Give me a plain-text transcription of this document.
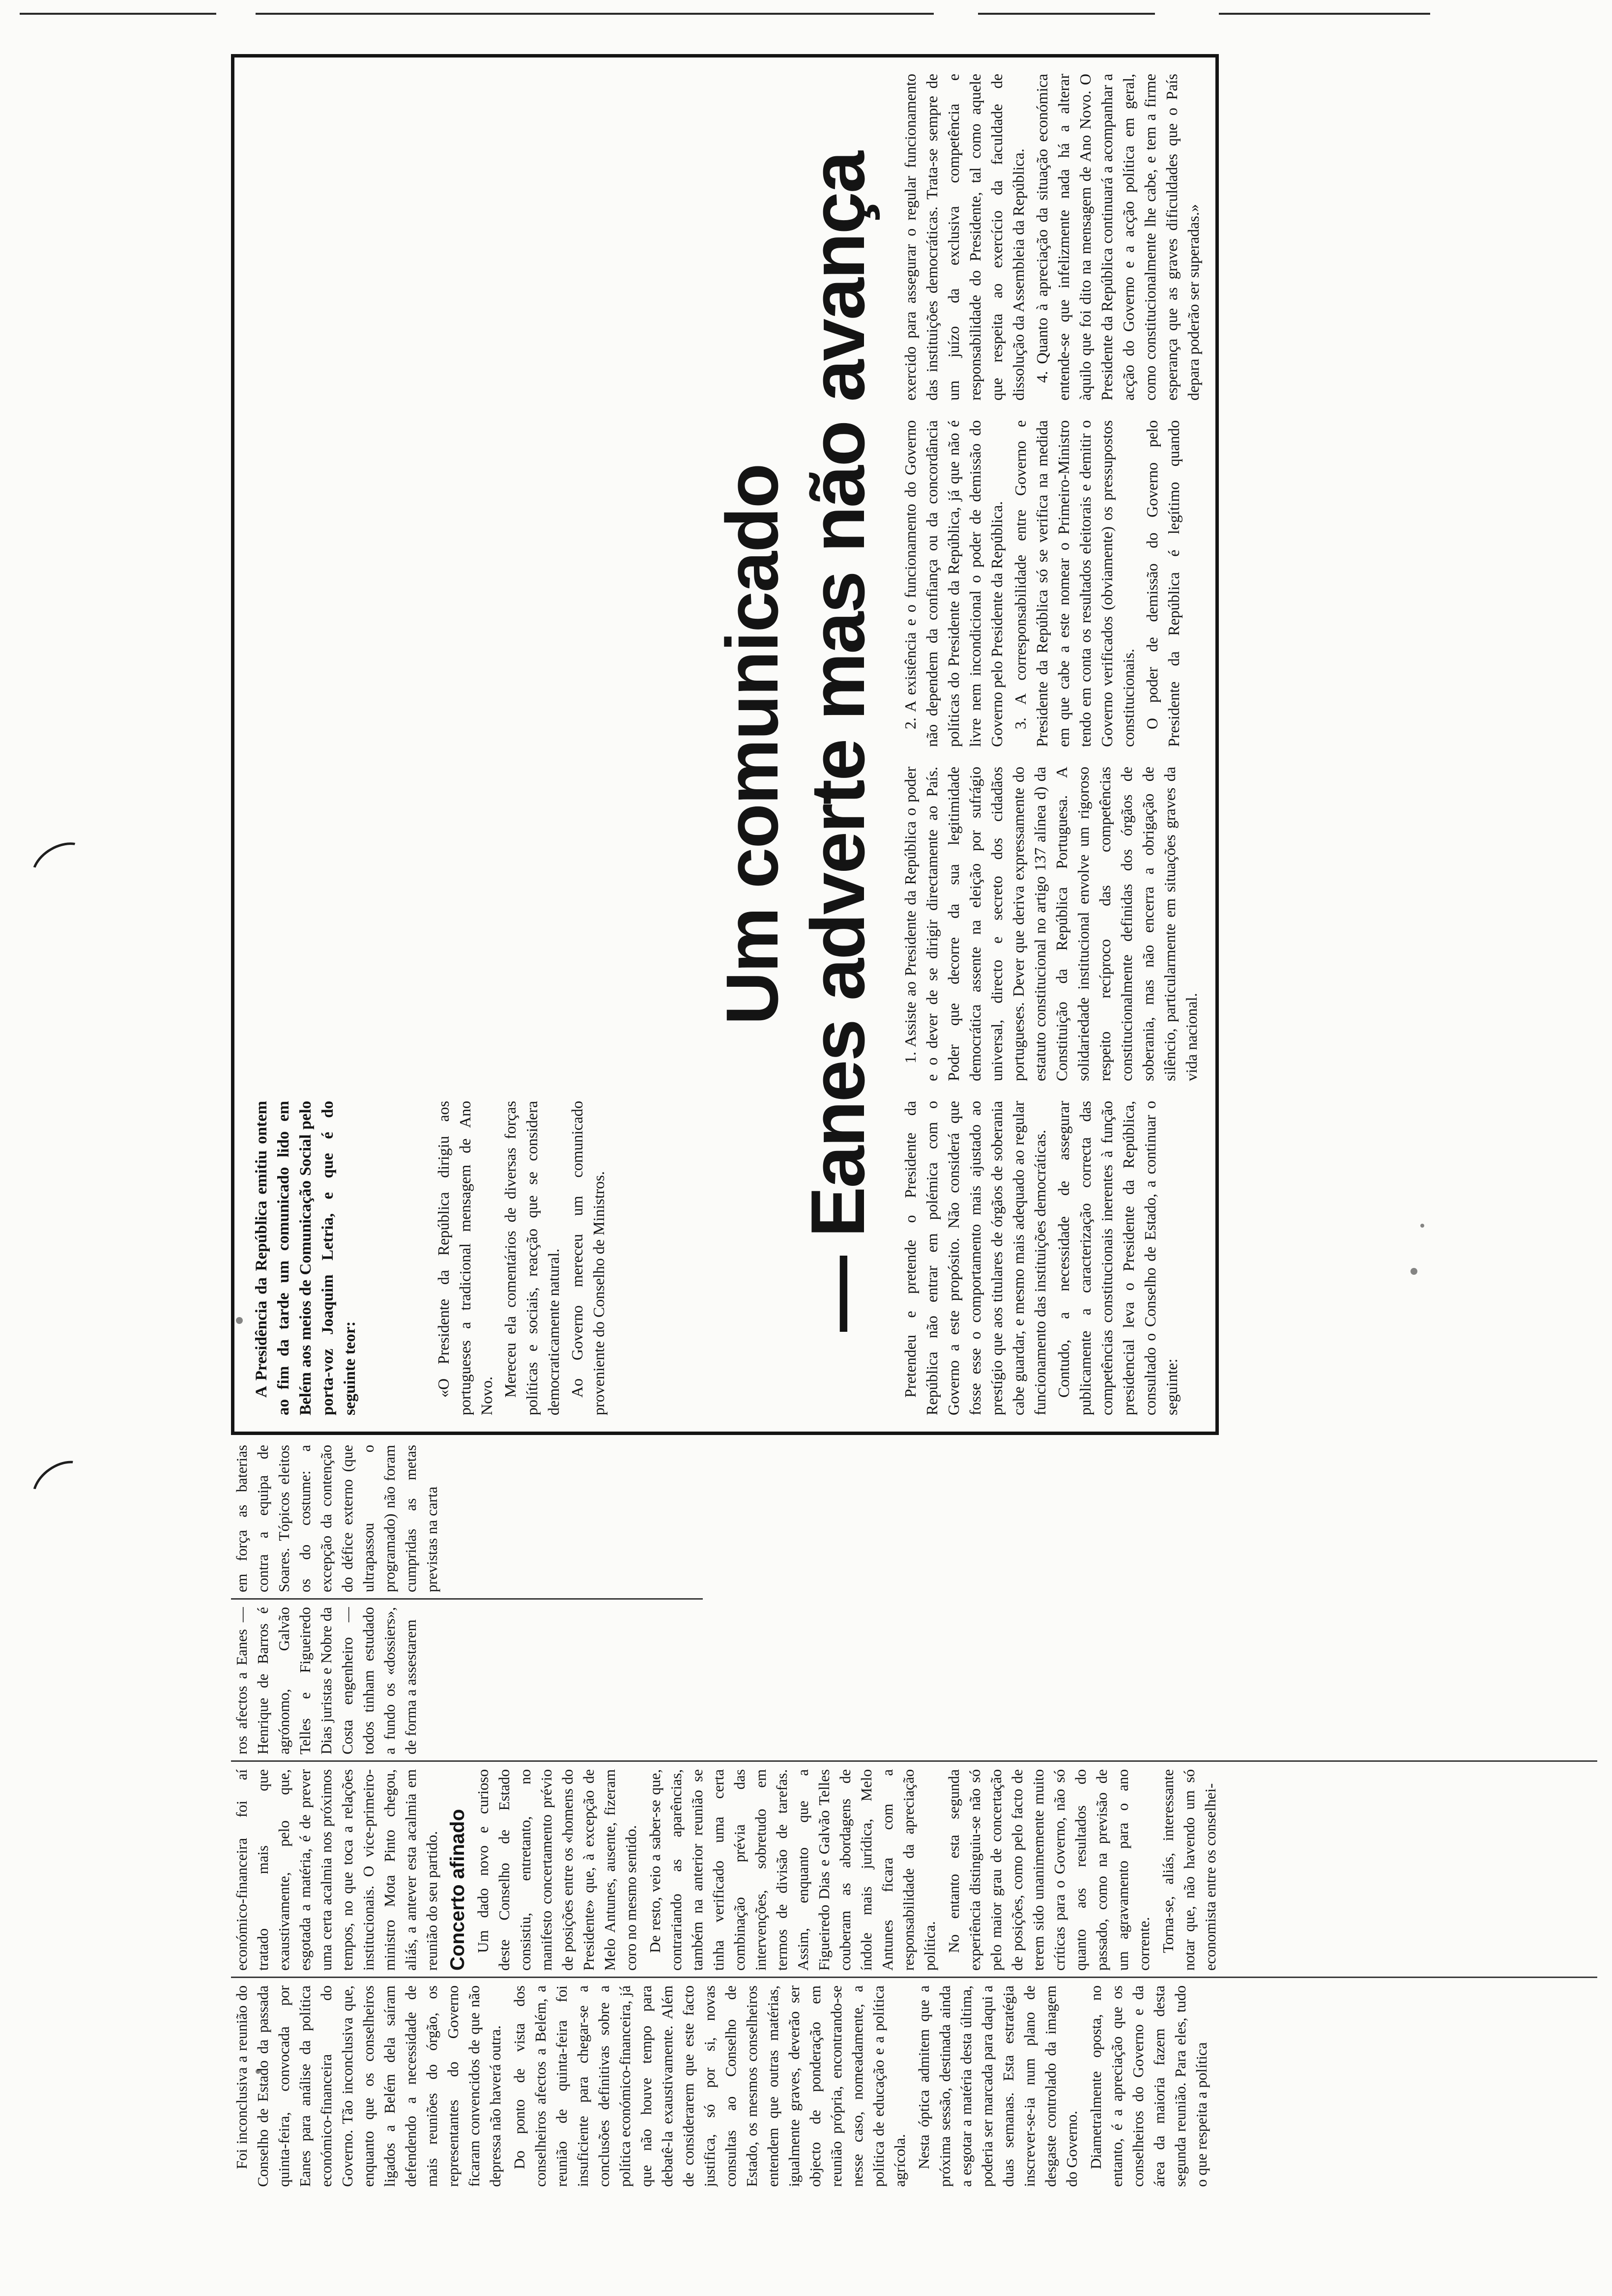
Foi inconclusiva a reunião do Conselho de Estado da passada quinta-feira, convocada por Eanes para análise da política económico-financeira do Governo. Tão inconclusiva que, enquanto que os conselheiros ligados a Belém dela saíram defendendo a necessidade de mais reuniões do órgão, os representantes do Governo ficaram convencidos de que não depressa não haverá outra. Do ponto de vista dos conselheiros afectos a Belém, a reunião de quinta-feira foi insuficiente para chegar-se a conclusões definitivas sobre a política económico-financeira, já que não houve tempo para debatê-la exaustivamente. Além de considerarem que este facto justifica, só por si, novas consultas ao Conselho de Estado, os mesmos conselheiros entendem que outras matérias, igualmente graves, deverão ser objecto de ponderação em reunião própria, encontrando-se nesse caso, nomeadamente, a política de educação e a política agrícola. Nesta óptica admitem que a próxima sessão, destinada ainda a esgotar a matéria desta última, poderia ser marcada para daqui a duas semanas. Esta estratégia inscrever-se-ia num plano de desgaste controlado da imagem do Governo. Diametralmente oposta, no entanto, é a apreciação que os conselheiros do Governo e da área da maioria fazem desta segunda reunião. Para eles, tudo o que respeita a política

económico-financeira foi aí tratado mais que exaustivamente, pelo que, esgotada a matéria, é de prever uma certa acalmia nos próximos tempos, no que toca a relações institucionais. O vice-primeiro-ministro Mota Pinto chegou, aliás, a antever esta acalmia em reunião do seu partido. Concerto afinado Um dado novo e curioso deste Conselho de Estado consistiu, entretanto, no manifesto concertamento prévio de posições entre os «homens do Presidente» que, à excepção de Melo Antunes, ausente, fizeram coro no mesmo sentido. De resto, veio a saber-se que, contrariando as aparências, também na anterior reunião se tinha verificado uma certa combinação prévia das intervenções, sobretudo em termos de divisão de tarefas. Assim, enquanto que a Figueiredo Dias e Galvão Telles couberam as abordagens de índole mais jurídica, Melo Antunes ficara com a responsabilidade da apreciação política. No entanto esta segunda experiência distinguiu-se não só pelo maior grau de concertação de posições, como pelo facto de terem sido unanimemente muito críticas para o Governo, não só quanto aos resultados do passado, como na previsão de um agravamento para o ano corrente. Torna-se, aliás, interessante notar que, não havendo um só economista entre os conselhei-

ros afectos a Eanes — Henrique de Barros é agrónomo, Galvão Telles e Figueiredo Dias juristas e Nobre da Costa engenheiro — todos tinham estudado a fundo os «dossiers», de forma a assestarem

em força as baterias contra a equipa de Soares. Tópicos eleitos os do costume: a excepção da contenção do défice externo (que ultrapassou o programado) não foram cumpridas as metas previstas na carta

Um comunicado — Eanes adverte mas não avança

A Presidência da República emitiu ontem ao fim da tarde um comunicado lido em Belém aos meios de Comunicação Social pelo porta-voz Joaquim Letria, e que é do seguinte teor:	«O Presidente da República dirigiu aos portugueses a tradicional mensagem de Ano Novo. Mereceu ela comentários de diversas forças políticas e sociais, reacção que se considera democraticamente natural. Ao Governo mereceu um comunicado proveniente do Conselho de Ministros.	Pretendeu e pretende o Presidente da República não entrar em polémica com o Governo a este propósito. Não considerá que fosse esse o comportamento mais ajustado ao prestígio que aos titulares de órgãos de soberania cabe guardar, e mesmo mais adequado ao regular funcionamento das instituições democráticas. Contudo, a necessidade de assegurar publicamente a caracterização correcta das competências constitucionais inerentes à função presidencial leva o Presidente da República, consultado o Conselho de Estado, a continuar o seguinte:

1. Assiste ao Presidente da República o poder e o dever de se dirigir directamente ao País. Poder que decorre da sua legitimidade democrática assente na eleição por sufrágio universal, directo e secreto dos cidadãos portugueses. Dever que deriva expressamente do estatuto constitucional no artigo 137 alínea d) da Constituição da República Portuguesa. A solidariedade institucional envolve um rigoroso respeito recíproco das competências constitucionalmente definidas dos órgãos de soberania, mas não encerra a obrigação de silêncio, particularmente em situações graves da vida nacional.

2. A existência e o funcionamento do Governo não dependem da confiança ou da concordância políticas do Presidente da República, já que não é livre nem incondicional o poder de demissão do Governo pelo Presidente da República. 3. A corresponsabilidade entre Governo e Presidente da República só se verifica na medida em que cabe a este nomear o Primeiro-Ministro tendo em conta os resultados eleitorais e demitir o Governo verificados (obviamente) os pressupostos constitucionais. O poder de demissão do Governo pelo Presidente da República é legítimo quando exercido para assegurar o regular funcionamento das instituições democráticas. Trata-se sempre de um juízo da exclusiva competência e responsabilidade do Presidente, tal como aquele que respeita ao exercício da faculdade de dissolução da Assembleia da República. 4. Quanto à apreciação da situação económica entende-se que infelizmente nada há a alterar àquilo que foi dito na mensagem de Ano Novo. O Presidente da República continuará a acompanhar a acção do Governo e a acção política em geral, como constitucionalmente lhe cabe, e tem a firme esperança que as graves dificuldades que o País depara poderão ser superadas.»
